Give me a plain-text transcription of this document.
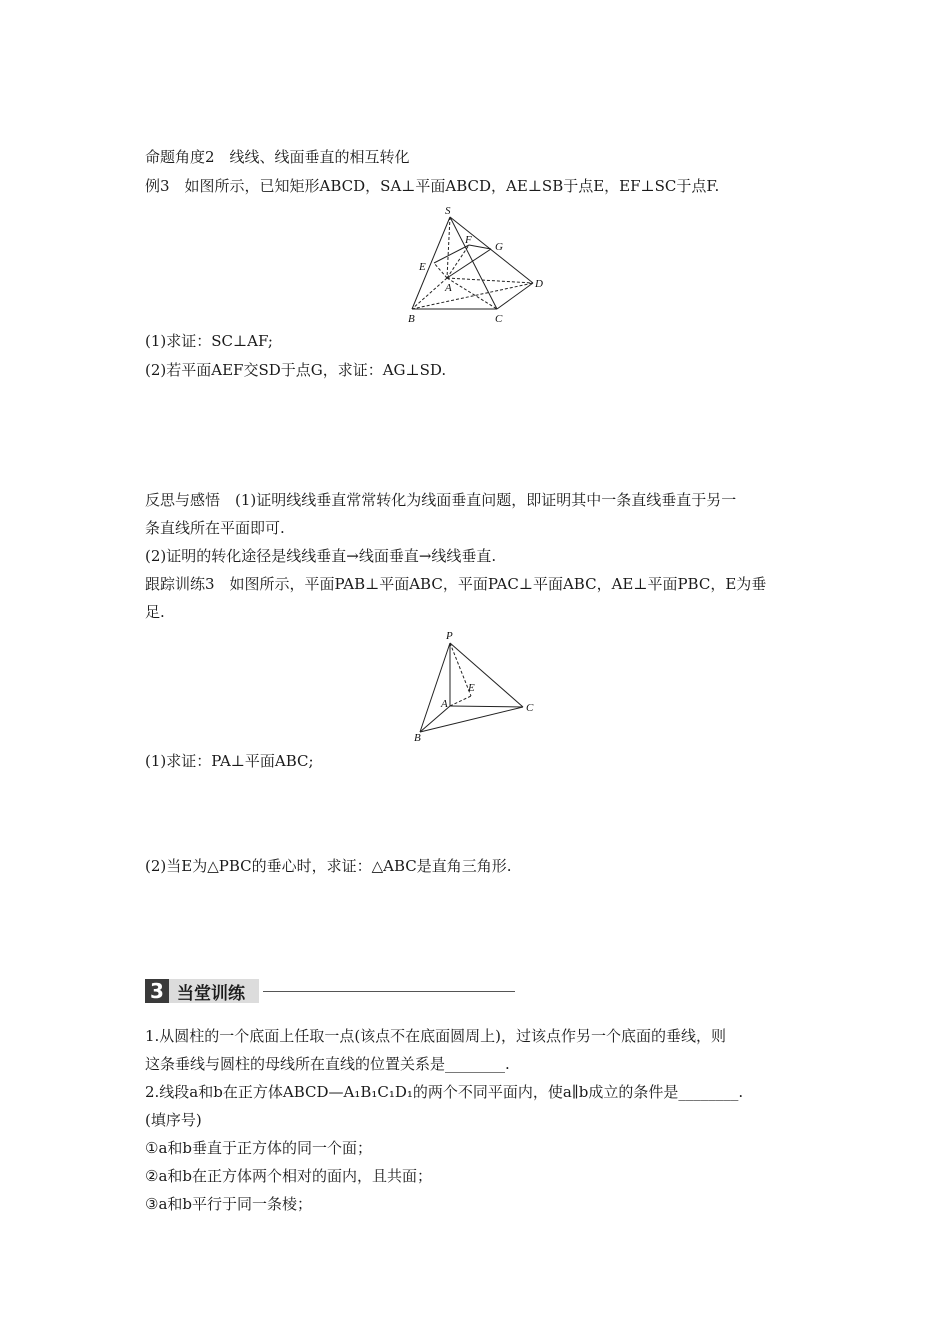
命题角度2　线线、线面垂直的相互转化
例3　如图所示，已知矩形ABCD，SA⊥平面ABCD，AE⊥SB于点E，EF⊥SC于点F.
S
F
G
E
A	D
B	C
(1)求证：SC⊥AF;
(2)若平面AEF交SD于点G，求证：AG⊥SD.
反思与感悟　(1)证明线线垂直常常转化为线面垂直问题，即证明其中一条直线垂直于另一
条直线所在平面即可.
(2)证明的转化途径是线线垂直→线面垂直→线线垂直.
跟踪训练3　如图所示，平面PAB⊥平面ABC，平面PAC⊥平面ABC，AE⊥平面PBC，E为垂
足.
P
E
A	C
B
(1)求证：PA⊥平面ABC;
(2)当E为△PBC的垂心时，求证：△ABC是直角三角形.
3 当堂训练
1.从圆柱的一个底面上任取一点(该点不在底面圆周上)，过该点作另一个底面的垂线，则
这条垂线与圆柱的母线所在直线的位置关系是________.
2.线段a和b在正方体ABCD—A₁B₁C₁D₁的两个不同平面内，使a∥b成立的条件是________.
(填序号)
①a和b垂直于正方体的同一个面；
②a和b在正方体两个相对的面内，且共面；
③a和b平行于同一条棱；
